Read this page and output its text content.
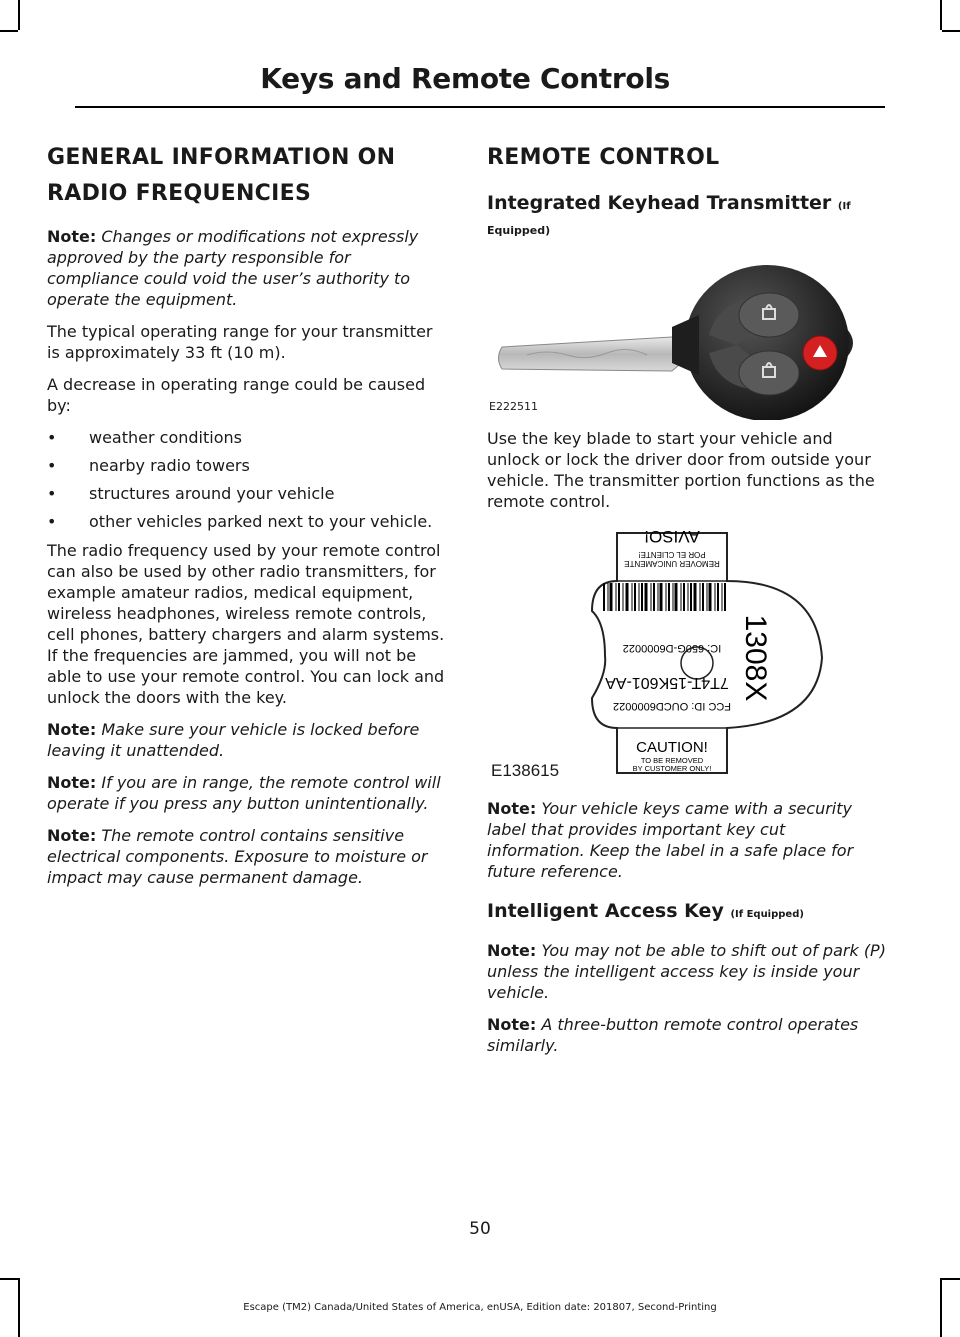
Keys and Remote Controls
GENERAL INFORMATION ON
RADIO FREQUENCIES

Note: Changes or modifications not expressly approved by the party responsible for compliance could void the user’s authority to operate the equipment.

The typical operating range for your transmitter is approximately 33 ft (10 m).

A decrease in operating range could be caused by:

• weather conditions
• nearby radio towers
• structures around your vehicle
• other vehicles parked next to your vehicle.

The radio frequency used by your remote control can also be used by other radio transmitters, for example amateur radios, medical equipment, wireless headphones, wireless remote controls, cell phones, battery chargers and alarm systems. If the frequencies are jammed, you will not be able to use your remote control. You can lock and unlock the doors with the key.

Note: Make sure your vehicle is locked before leaving it unattended.

Note: If you are in range, the remote control will operate if you press any button unintentionally.

Note: The remote control contains sensitive electrical components. Exposure to moisture or impact may cause permanent damage.

REMOTE CONTROL
Integrated Keyhead Transmitter (If
Equipped)
E222511

Use the key blade to start your vehicle and unlock or lock the driver door from outside your vehicle. The transmitter portion functions as the remote control.

REMOVER UNICAMENTE
POR EL CLIENTE!
AVISO!
IC: 650G-D6000022
FCC ID: OUCD6000022
7T4T-15K601-AA 1308X
CAUTION!
TO BE REMOVED
BY CUSTOMER ONLY!
E138615

Note: Your vehicle keys came with a security label that provides important key cut information. Keep the label in a safe place for future reference.

Intelligent Access Key (If Equipped)

Note: You may not be able to shift out of park (P) unless the intelligent access key is inside your vehicle.

Note: A three-button remote control operates similarly.

50
Escape (TM2) Canada/United States of America, enUSA, Edition date: 201807, Second-Printing
